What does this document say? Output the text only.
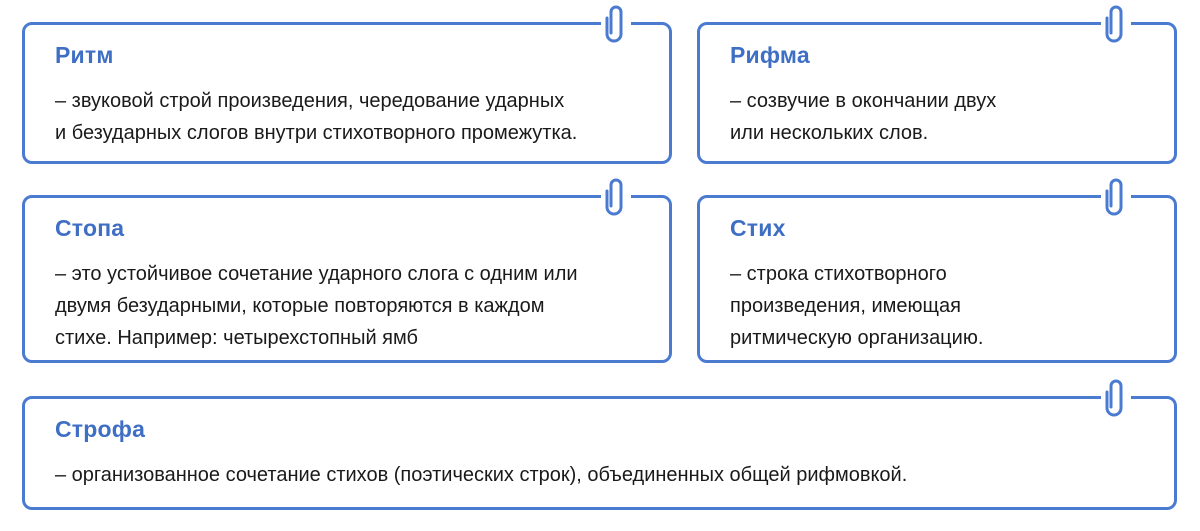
Ритм

– звуковой строй произведения, чередование ударных
и безударных слогов внутри стихотворного промежутка.

Рифма

– созвучие в окончании двух
или нескольких слов.

Стопа

– это устойчивое сочетание ударного слога с одним или
двумя безударными, которые повторяются в каждом
стихе. Например: четырехстопный ямб

Стих

– строка стихотворного
произведения, имеющая
ритмическую организацию.

Строфа

– организованное сочетание стихов (поэтических строк), объединенных общей рифмовкой.
